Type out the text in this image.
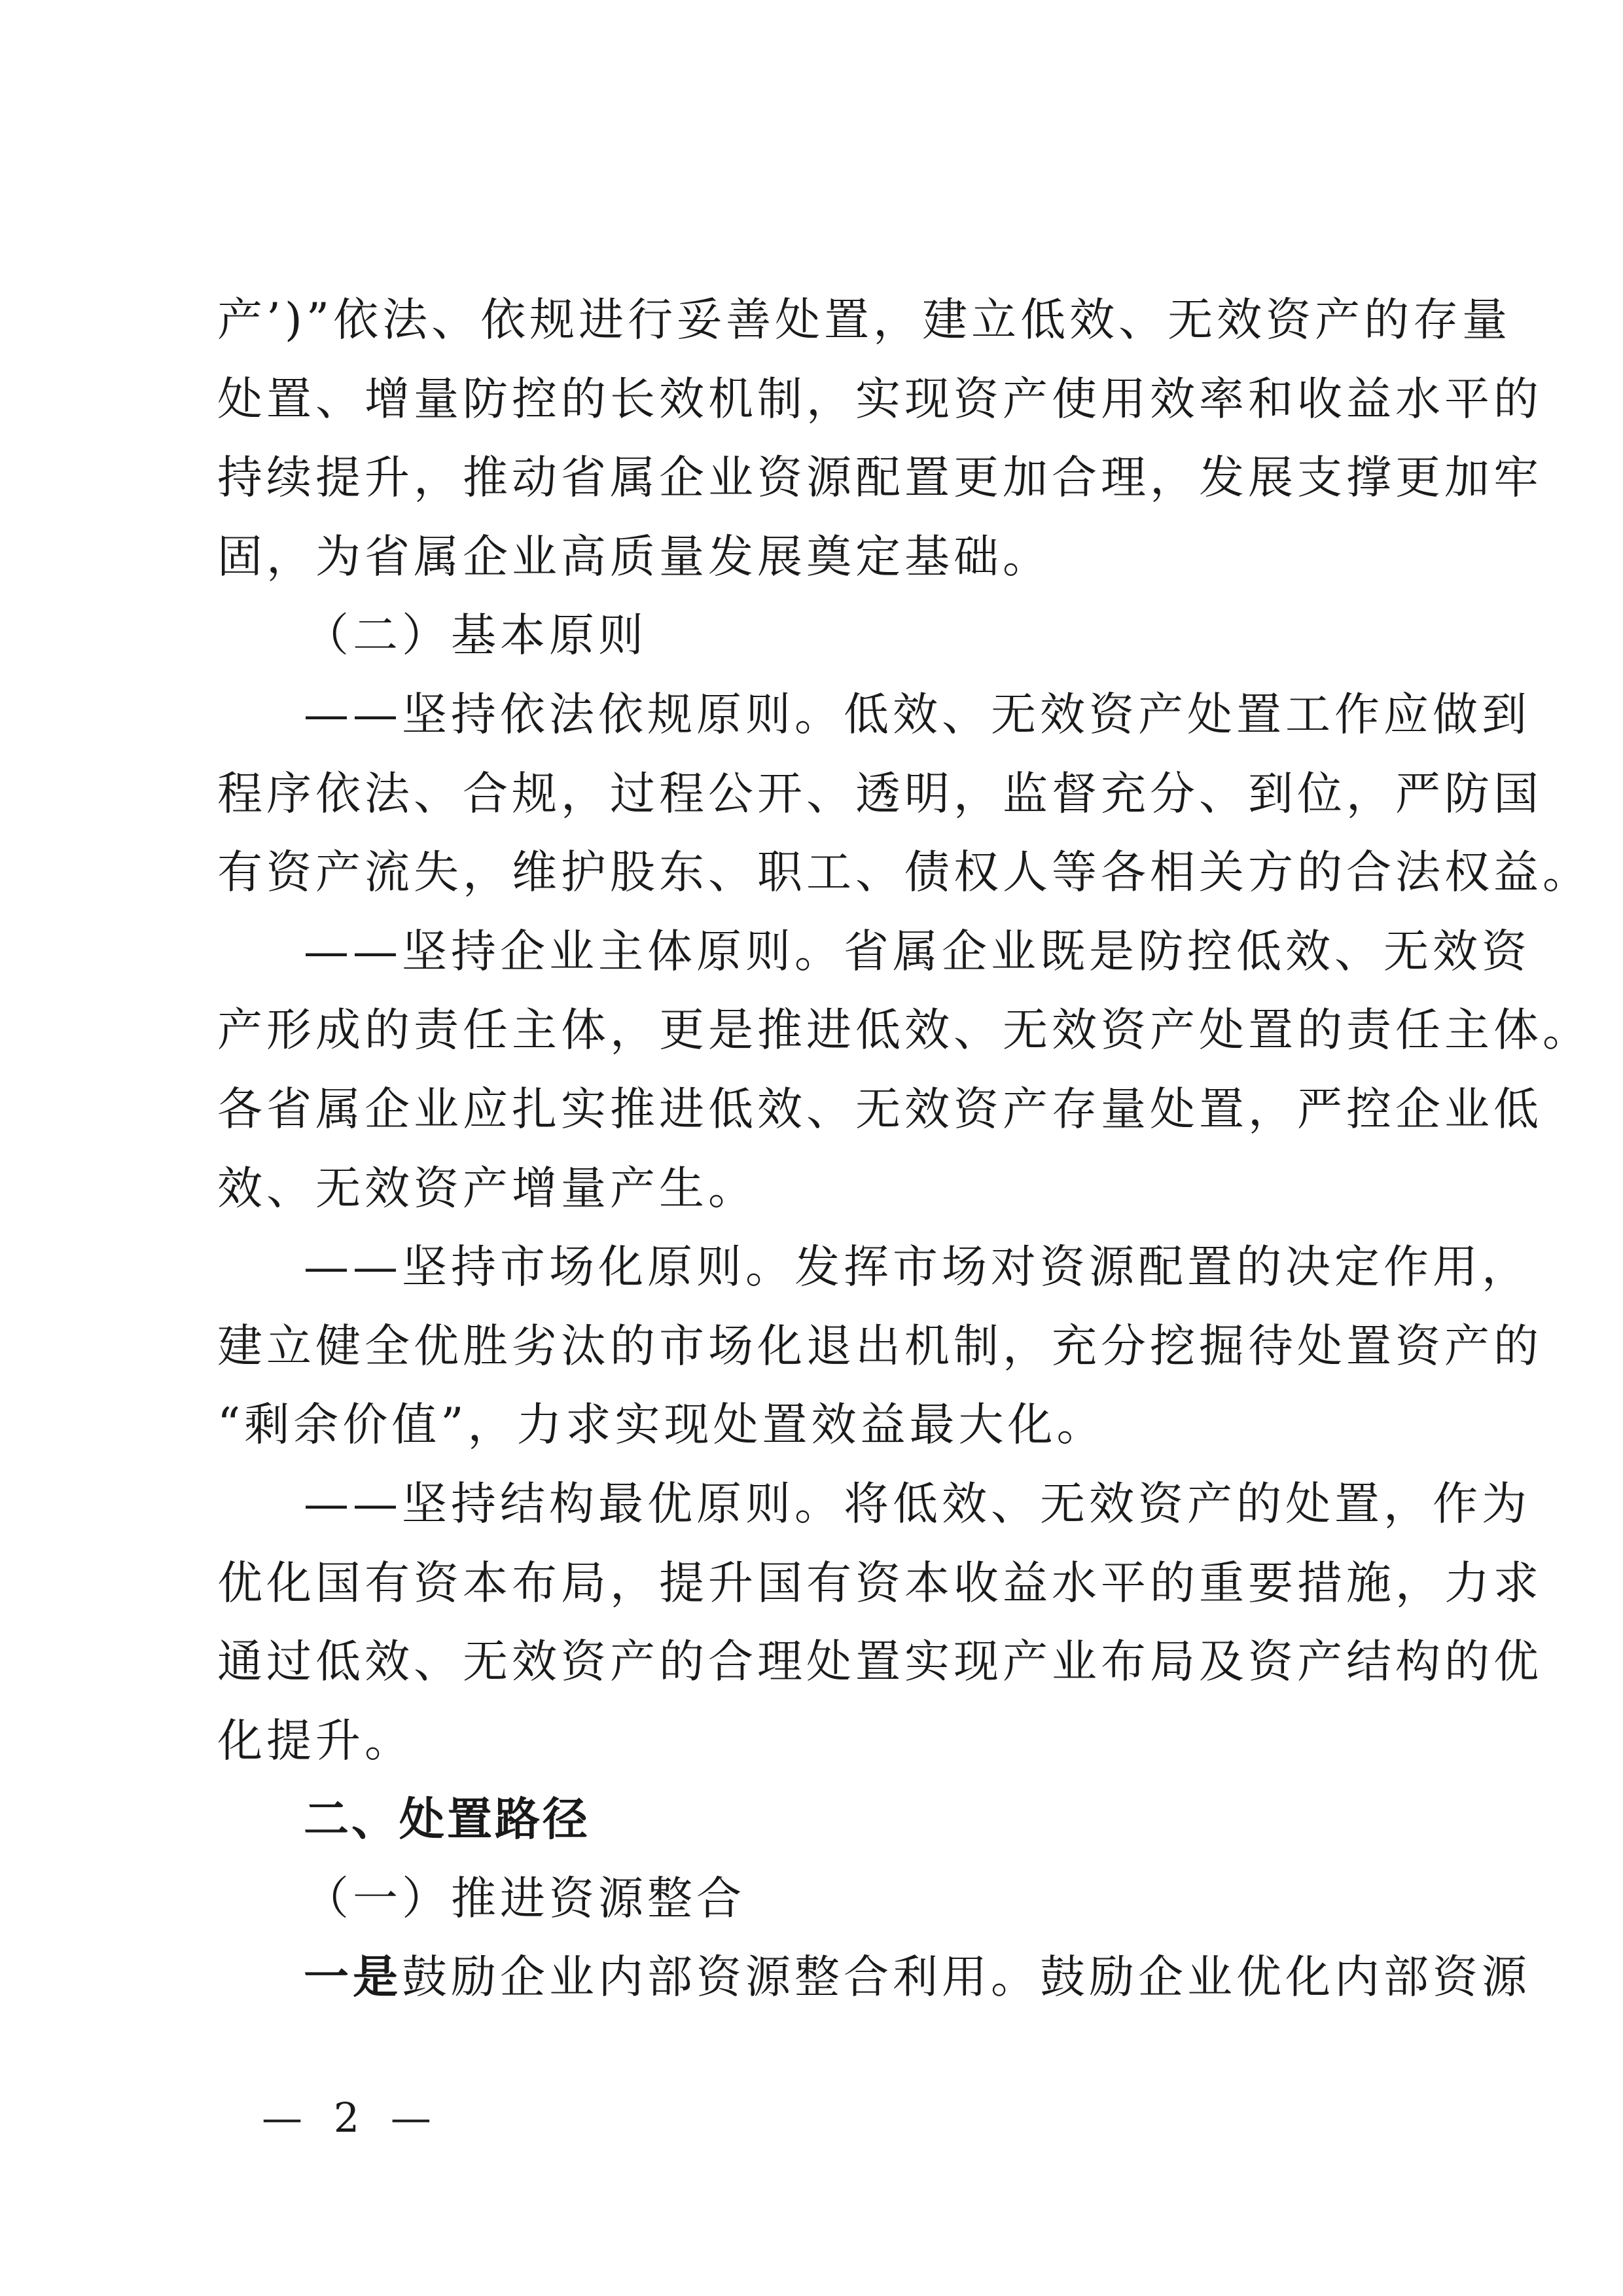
产’)”依法、依规进行妥善处置，建立低效、无效资产的存量
处置、增量防控的长效机制，实现资产使用效率和收益水平的
持续提升，推动省属企业资源配置更加合理，发展支撑更加牢
固，为省属企业高质量发展奠定基础。
（二）基本原则
——坚持依法依规原则。低效、无效资产处置工作应做到
程序依法、合规，过程公开、透明，监督充分、到位，严防国
有资产流失，维护股东、职工、债权人等各相关方的合法权益。
——坚持企业主体原则。省属企业既是防控低效、无效资
产形成的责任主体，更是推进低效、无效资产处置的责任主体。
各省属企业应扎实推进低效、无效资产存量处置，严控企业低
效、无效资产增量产生。
——坚持市场化原则。发挥市场对资源配置的决定作用，
建立健全优胜劣汰的市场化退出机制，充分挖掘待处置资产的
“剩余价值”，力求实现处置效益最大化。
——坚持结构最优原则。将低效、无效资产的处置，作为
优化国有资本布局，提升国有资本收益水平的重要措施，力求
通过低效、无效资产的合理处置实现产业布局及资产结构的优
化提升。
二、处置路径
（一）推进资源整合
一是鼓励企业内部资源整合利用。鼓励企业优化内部资源
— 2 —
